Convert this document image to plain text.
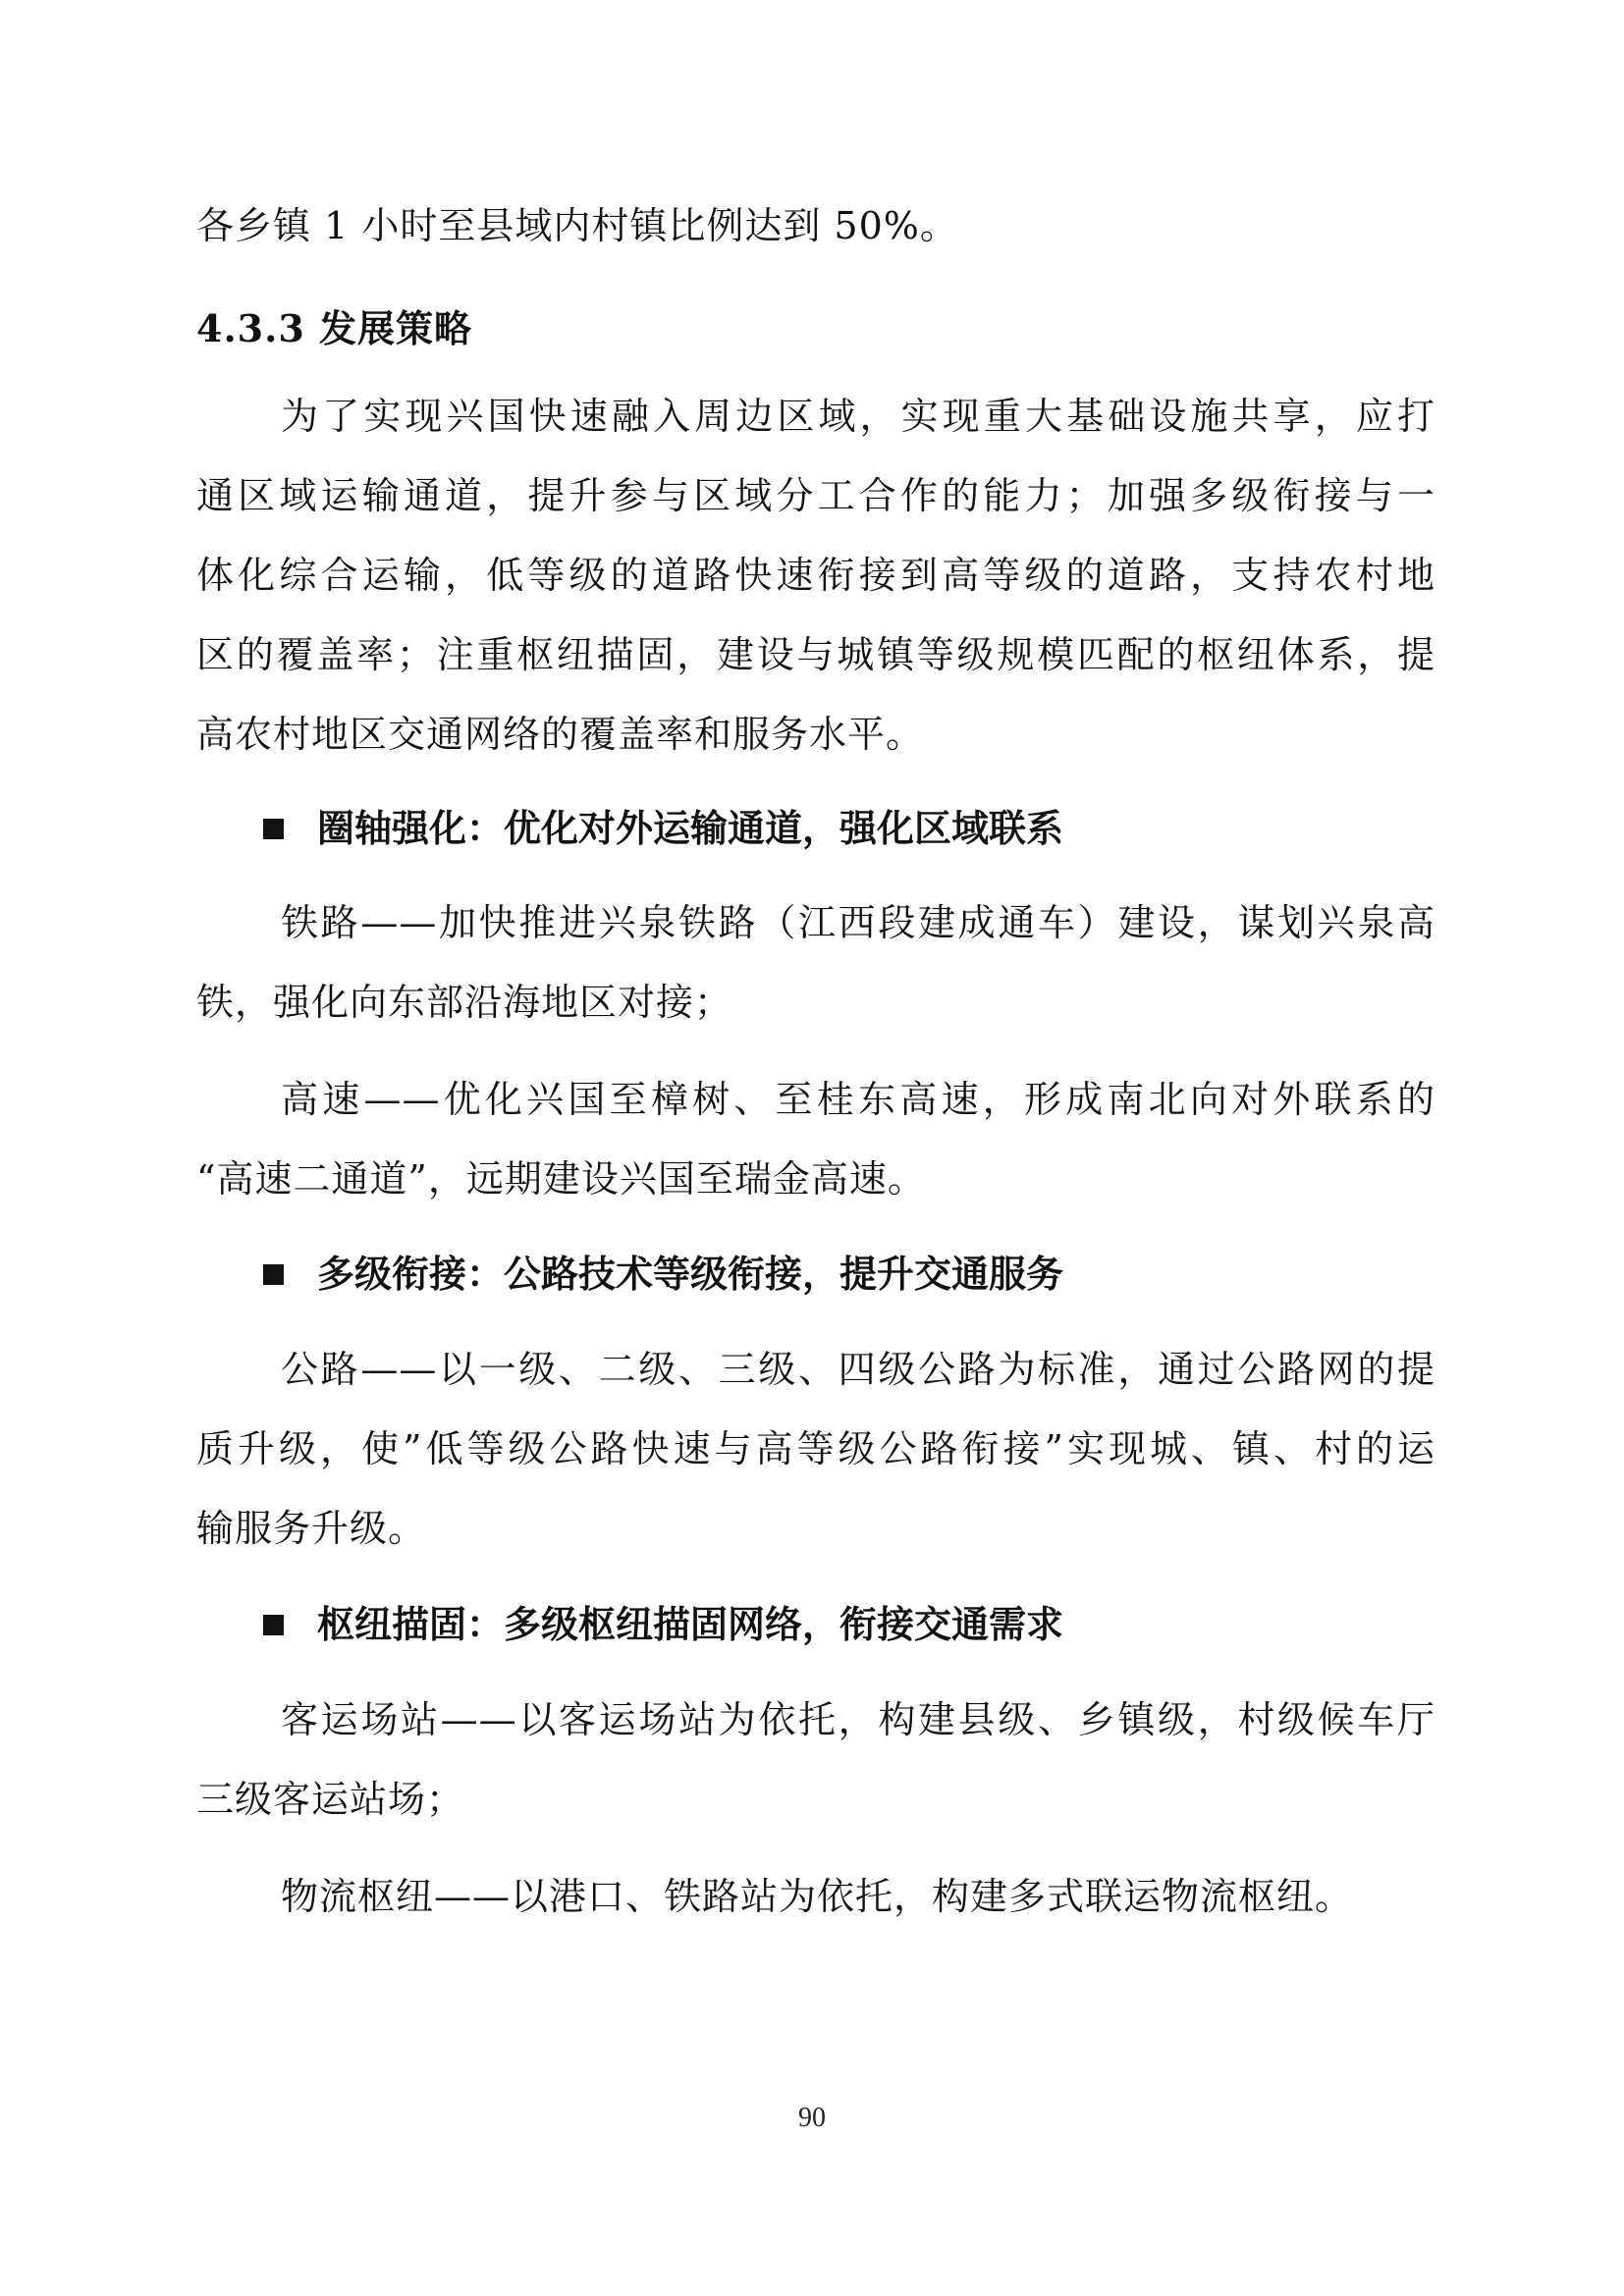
各乡镇 1 小时至县域内村镇比例达到 50%。
4.3.3 发展策略
为了实现兴国快速融入周边区域，实现重大基础设施共享，应打
通区域运输通道，提升参与区域分工合作的能力；加强多级衔接与一
体化综合运输，低等级的道路快速衔接到高等级的道路，支持农村地
区的覆盖率；注重枢纽描固，建设与城镇等级规模匹配的枢纽体系，提
高农村地区交通网络的覆盖率和服务水平。
圈轴强化：优化对外运输通道，强化区域联系
铁路——加快推进兴泉铁路（江西段建成通车）建设，谋划兴泉高
铁，强化向东部沿海地区对接；
高速——优化兴国至樟树、至桂东高速，形成南北向对外联系的
“高速二通道”，远期建设兴国至瑞金高速。
多级衔接：公路技术等级衔接，提升交通服务
公路——以一级、二级、三级、四级公路为标准，通过公路网的提
质升级，使”低等级公路快速与高等级公路衔接”实现城、镇、村的运
输服务升级。
枢纽描固：多级枢纽描固网络，衔接交通需求
客运场站——以客运场站为依托，构建县级、乡镇级，村级候车厅
三级客运站场；
物流枢纽——以港口、铁路站为依托，构建多式联运物流枢纽。
90
